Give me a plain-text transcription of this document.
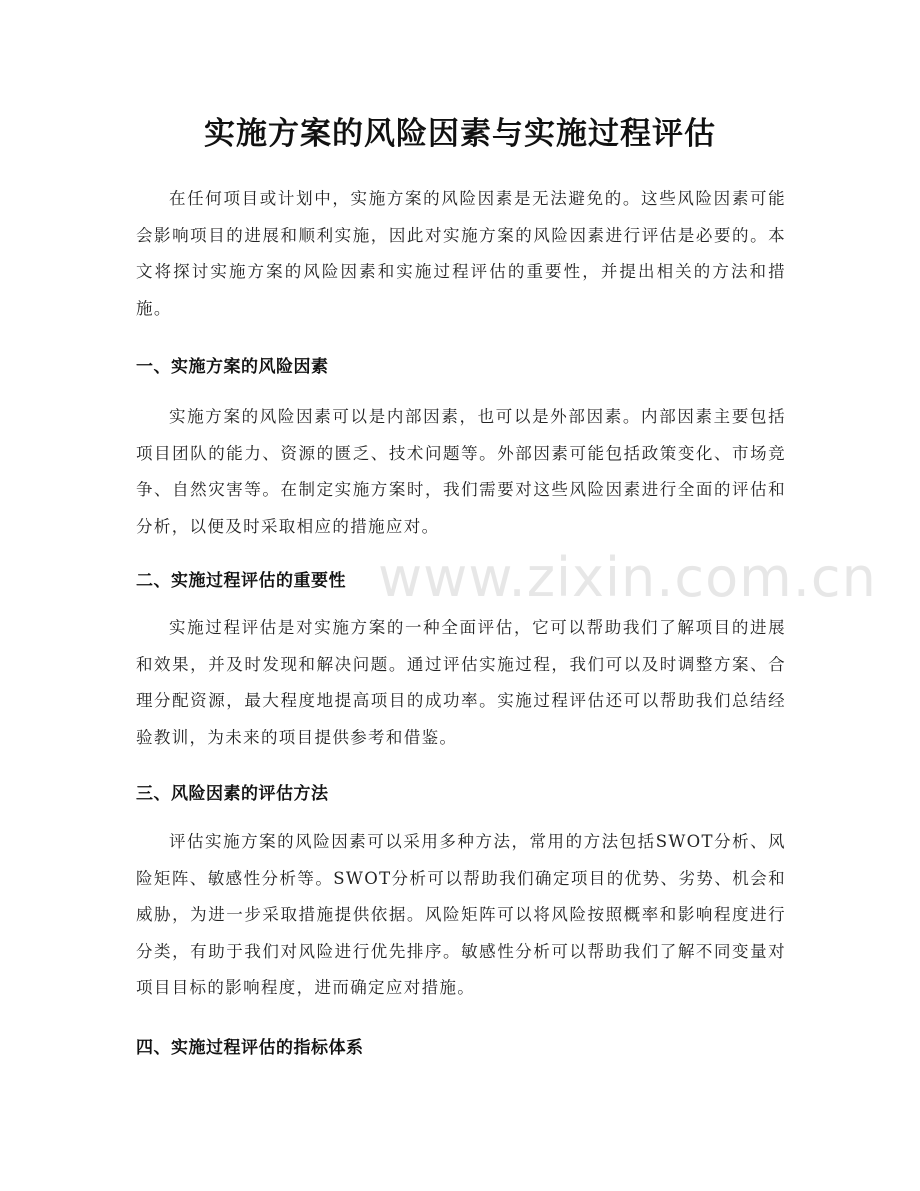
实施方案的风险因素与实施过程评估

在任何项目或计划中，实施方案的风险因素是无法避免的。这些风险因素可能会影响项目的进展和顺利实施，因此对实施方案的风险因素进行评估是必要的。本文将探讨实施方案的风险因素和实施过程评估的重要性，并提出相关的方法和措施。

一、实施方案的风险因素

实施方案的风险因素可以是内部因素，也可以是外部因素。内部因素主要包括项目团队的能力、资源的匮乏、技术问题等。外部因素可能包括政策变化、市场竞争、自然灾害等。在制定实施方案时，我们需要对这些风险因素进行全面的评估和分析，以便及时采取相应的措施应对。

二、实施过程评估的重要性

实施过程评估是对实施方案的一种全面评估，它可以帮助我们了解项目的进展和效果，并及时发现和解决问题。通过评估实施过程，我们可以及时调整方案、合理分配资源，最大程度地提高项目的成功率。实施过程评估还可以帮助我们总结经验教训，为未来的项目提供参考和借鉴。

三、风险因素的评估方法

评估实施方案的风险因素可以采用多种方法，常用的方法包括SWOT分析、风险矩阵、敏感性分析等。SWOT分析可以帮助我们确定项目的优势、劣势、机会和威胁，为进一步采取措施提供依据。风险矩阵可以将风险按照概率和影响程度进行分类，有助于我们对风险进行优先排序。敏感性分析可以帮助我们了解不同变量对项目目标的影响程度，进而确定应对措施。

四、实施过程评估的指标体系
www.zixin.com.cn
